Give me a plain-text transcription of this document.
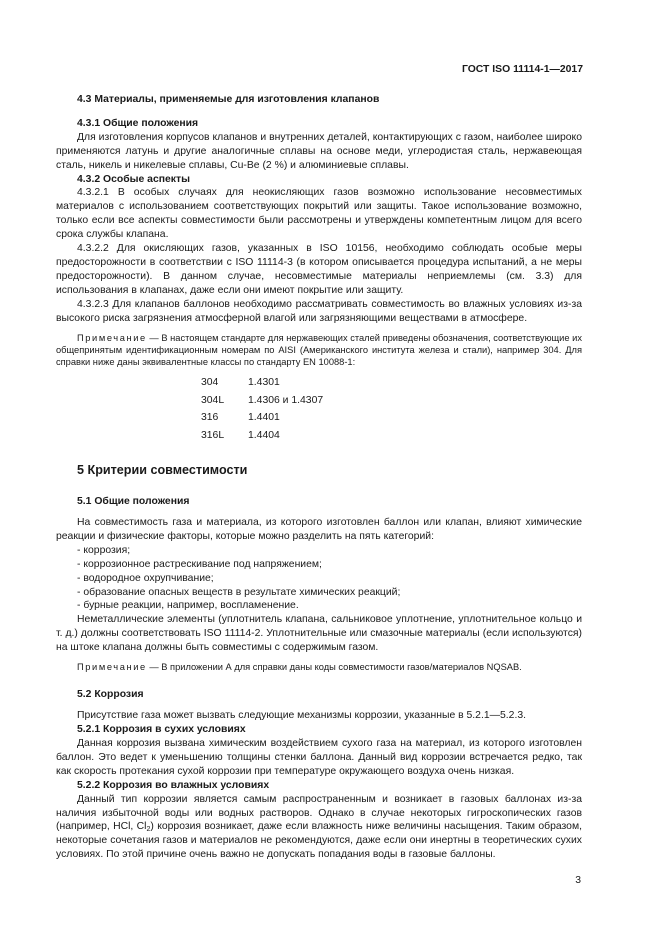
ГОСТ ISO 11114-1—2017
4.3 Материалы, применяемые для изготовления клапанов
4.3.1 Общие положения

Для изготовления корпусов клапанов и внутренних деталей, контактирующих с газом, наиболее широко применяются латунь и другие аналогичные сплавы на основе меди, углеродистая сталь, нержавеющая сталь, никель и никелевые сплавы, Cu-Be (2 %) и алюминиевые сплавы.

4.3.2 Особые аспекты

4.3.2.1 В особых случаях для неокисляющих газов возможно использование несовместимых материалов с использованием соответствующих покрытий или защиты. Такое использование возможно, только если все аспекты совместимости были рассмотрены и утверждены компетентным лицом для всего срока службы клапана.

4.3.2.2 Для окисляющих газов, указанных в ISO 10156, необходимо соблюдать особые меры предосторожности в соответствии с ISO 11114-3 (в котором описывается процедура испытаний, а не меры предосторожности). В данном случае, несовместимые материалы неприемлемы (см. 3.3) для использования в клапанах, даже если они имеют покрытие или защиту.

4.3.2.3 Для клапанов баллонов необходимо рассматривать совместимость во влажных условиях из-за высокого риска загрязнения атмосферной влагой или загрязняющими веществами в атмосфере.

Примечание — В настоящем стандарте для нержавеющих сталей приведены обозначения, соответствующие их общепринятым идентификационным номерам по AISI (Американского института железа и стали), например 304. Для справки ниже даны эквивалентные классы по стандарту EN 10088-1:

304	1.4301
304L	1.4306 и 1.4307
316	1.4401
316L	1.4404
5 Критерии совместимости
5.1 Общие положения

На совместимость газа и материала, из которого изготовлен баллон или клапан, влияют химические реакции и физические факторы, которые можно разделить на пять категорий:

- коррозия;
- коррозионное растрескивание под напряжением;
- водородное охрупчивание;
- образование опасных веществ в результате химических реакций;
- бурные реакции, например, воспламенение.

Неметаллические элементы (уплотнитель клапана, сальниковое уплотнение, уплотнительное кольцо и т. д.) должны соответствовать ISO 11114-2. Уплотнительные или смазочные материалы (если используются) на штоке клапана должны быть совместимы с содержимым газом.

Примечание — В приложении А для справки даны коды совместимости газов/материалов NQSAB.

5.2 Коррозия

Присутствие газа может вызвать следующие механизмы коррозии, указанные в 5.2.1—5.2.3.

5.2.1 Коррозия в сухих условиях

Данная коррозия вызвана химическим воздействием сухого газа на материал, из которого изготовлен баллон. Это ведет к уменьшению толщины стенки баллона. Данный вид коррозии встречается редко, так как скорость протекания сухой коррозии при температуре окружающего воздуха очень низкая.

5.2.2 Коррозия во влажных условиях

Данный тип коррозии является самым распространенным и возникает в газовых баллонах из-за наличия избыточной воды или водных растворов. Однако в случае некоторых гигроскопических газов (например, HCl, $Cl_2$) коррозия возникает, даже если влажность ниже величины насыщения. Таким образом, некоторые сочетания газов и материалов не рекомендуются, даже если они инертны в теоретических сухих условиях. По этой причине очень важно не допускать попадания воды в газовые баллоны.

3
